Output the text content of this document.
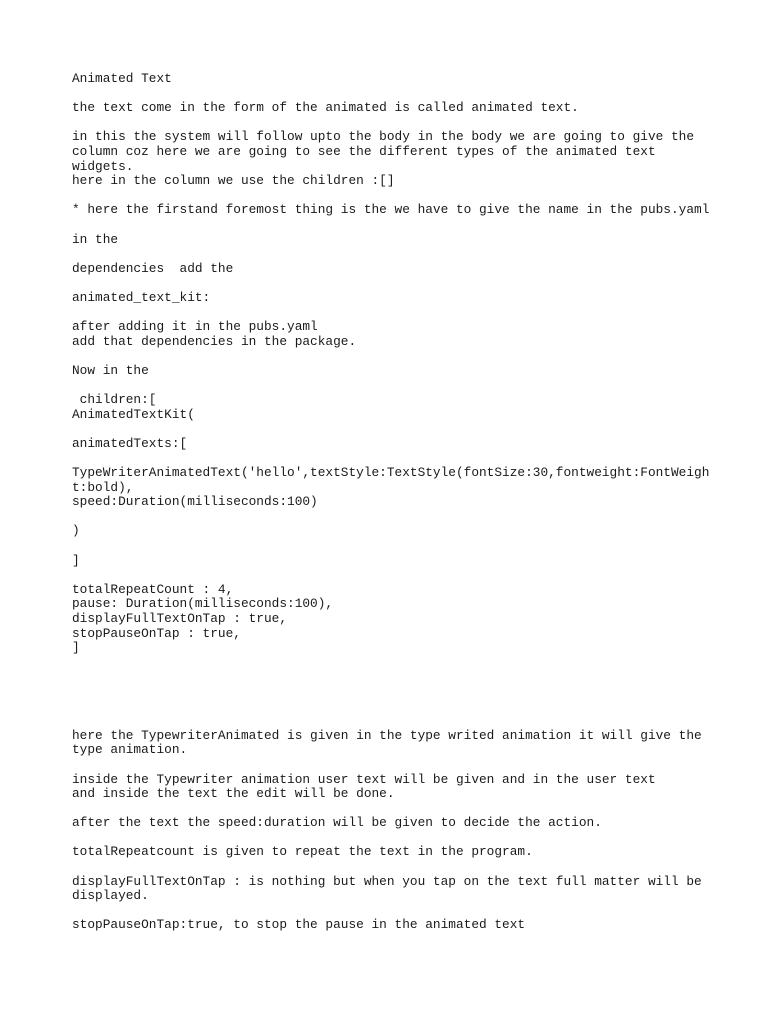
Animated Text
the text come in the form of the animated is called animated text.
in this the system will follow upto the body in the body we are going to give the
column coz here we are going to see the different types of the animated text
widgets.
here in the column we use the children :[]
* here the firstand foremost thing is the we have to give the name in the pubs.yaml
in the
dependencies  add the
animated_text_kit:
after adding it in the pubs.yaml
add that dependencies in the package.
Now in the
children:[
AnimatedTextKit(
animatedTexts:[
TypeWriterAnimatedText('hello',textStyle:TextStyle(fontSize:30,fontweight:FontWeigh
t:bold),
speed:Duration(milliseconds:100)
)
]
totalRepeatCount : 4,
pause: Duration(milliseconds:100),
displayFullTextOnTap : true,
stopPauseOnTap : true,
]
here the TypewriterAnimated is given in the type writed animation it will give the
type animation.
inside the Typewriter animation user text will be given and in the user text
and inside the text the edit will be done.
after the text the speed:duration will be given to decide the action.
totalRepeatcount is given to repeat the text in the program.
displayFullTextOnTap : is nothing but when you tap on the text full matter will be
displayed.
stopPauseOnTap:true, to stop the pause in the animated text
